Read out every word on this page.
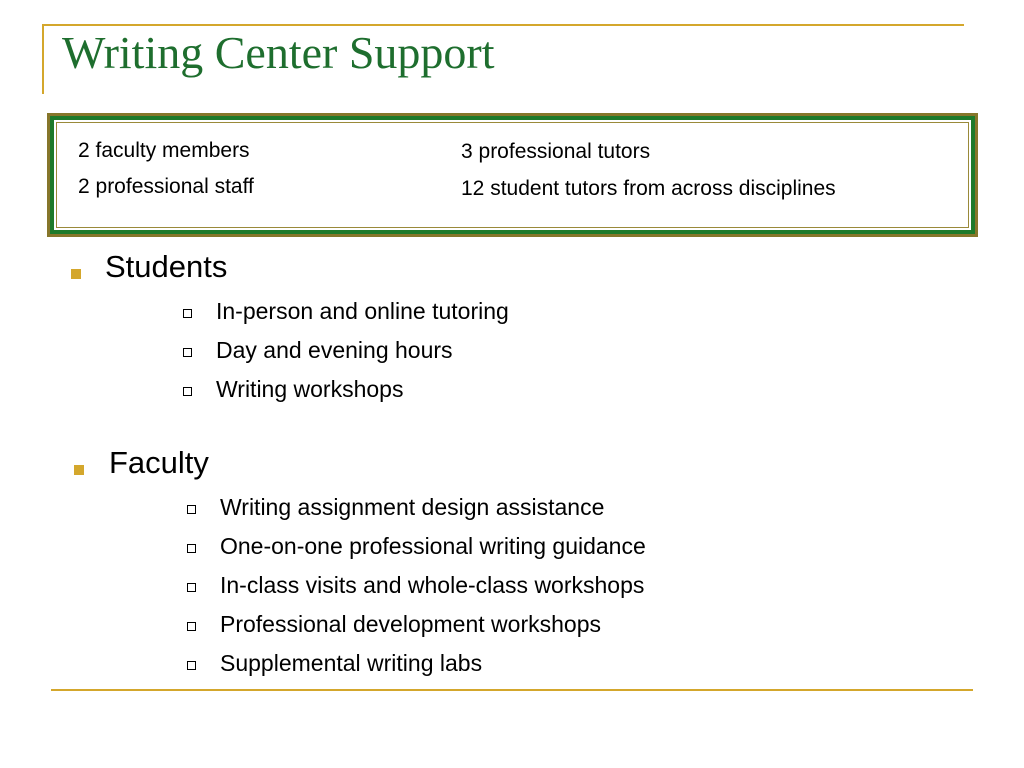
Writing Center Support
2 faculty members
2 professional staff
3 professional tutors
12 student tutors from across disciplines
Students
In-person and online tutoring
Day and evening hours
Writing workshops
Faculty
Writing assignment design assistance
One-on-one professional writing guidance
In-class visits and whole-class workshops
Professional development workshops
Supplemental writing labs
